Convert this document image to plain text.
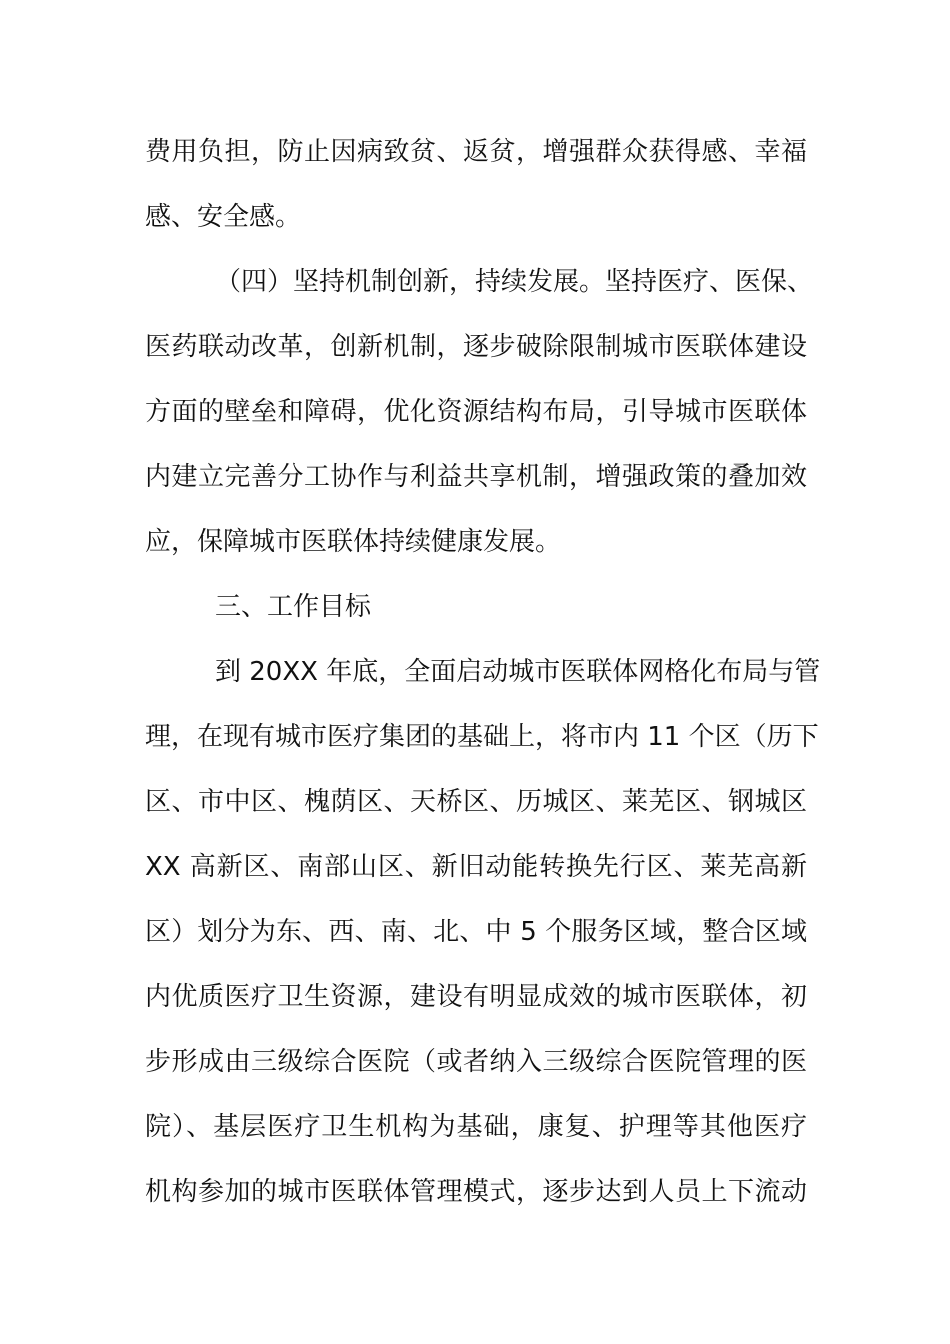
费用负担，防止因病致贫、返贫，增强群众获得感、幸福
感、安全感。
（四）坚持机制创新，持续发展。坚持医疗、医保、
医药联动改革，创新机制，逐步破除限制城市医联体建设
方面的壁垒和障碍，优化资源结构布局，引导城市医联体
内建立完善分工协作与利益共享机制，增强政策的叠加效
应，保障城市医联体持续健康发展。
三、工作目标
到 20XX 年底，全面启动城市医联体网格化布局与管
理，在现有城市医疗集团的基础上，将市内 11 个区（历下
区、市中区、槐荫区、天桥区、历城区、莱芜区、钢城区
XX 高新区、南部山区、新旧动能转换先行区、莱芜高新
区）划分为东、西、南、北、中 5 个服务区域，整合区域
内优质医疗卫生资源，建设有明显成效的城市医联体，初
步形成由三级综合医院（或者纳入三级综合医院管理的医
院）、基层医疗卫生机构为基础，康复、护理等其他医疗
机构参加的城市医联体管理模式，逐步达到人员上下流动
